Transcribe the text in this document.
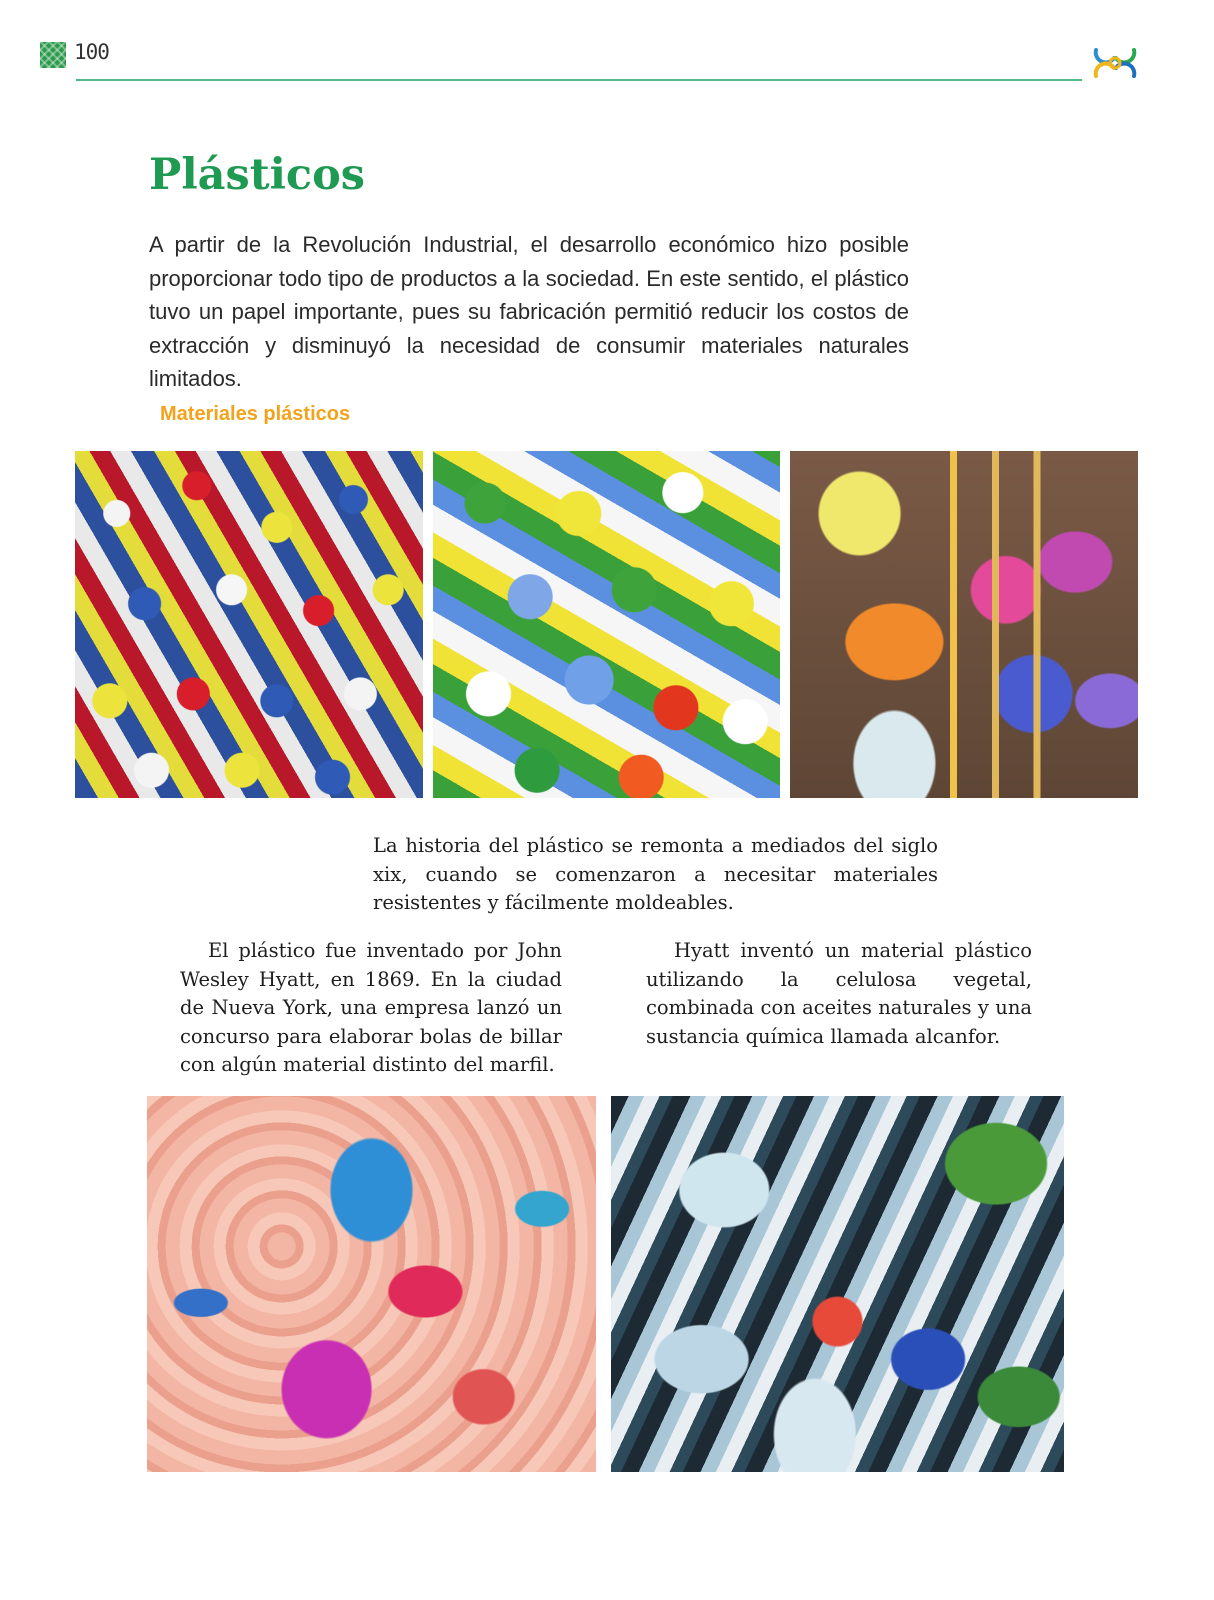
100
Plásticos

A partir de la Revolución Industrial, el desarrollo económico hizo posible proporcionar todo tipo de productos a la sociedad. En este sentido, el plástico tuvo un papel importante, pues su fabricación permitió reducir los costos de extracción y disminuyó la necesidad de consumir materiales naturales limitados.

Materiales plásticos

La historia del plástico se remonta a mediados del siglo xix, cuando se comenzaron a necesitar materiales resistentes y fácilmente moldeables.

El plástico fue inventado por John Wesley Hyatt, en 1869. En la ciudad de Nueva York, una empresa lanzó un concurso para elaborar bolas de billar con algún material distinto del marfil.

Hyatt inventó un material plástico utilizando la celulosa vegetal, combinada con aceites naturales y una sustancia química llamada alcanfor.
